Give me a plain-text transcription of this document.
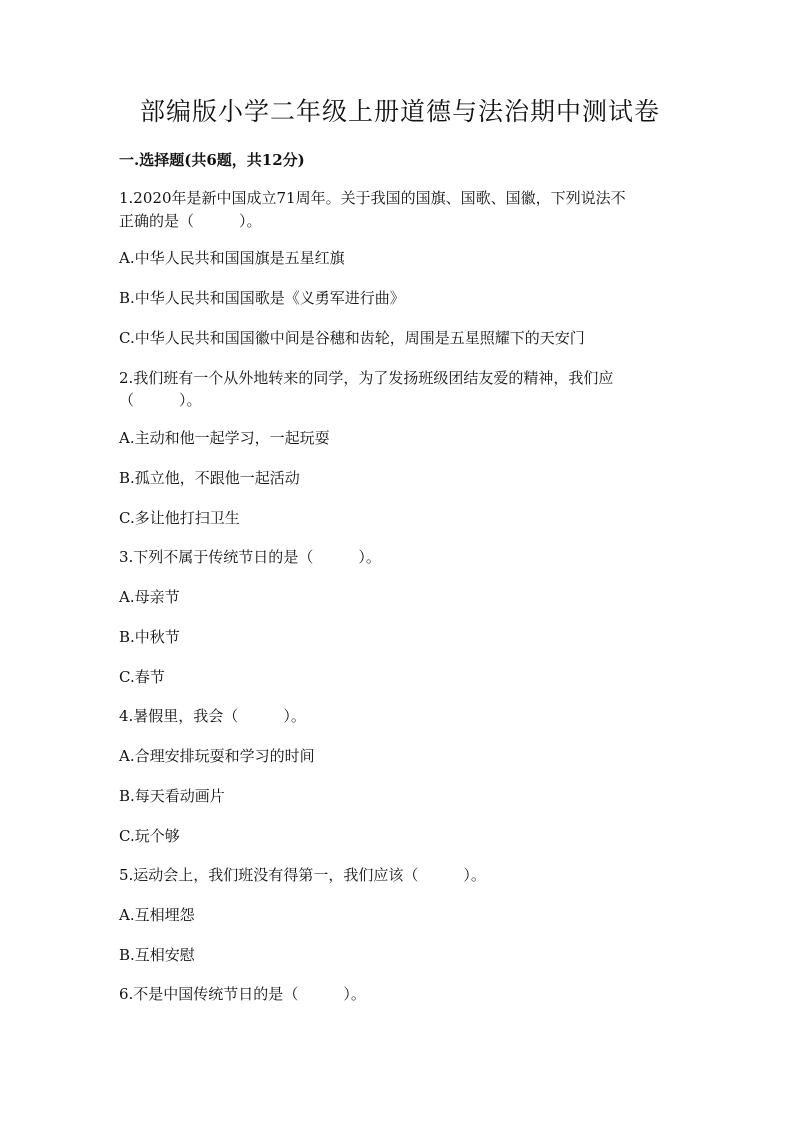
部编版小学二年级上册道德与法治期中测试卷

一.选择题(共6题，共12分)

1.2020年是新中国成立71周年。关于我国的国旗、国歌、国徽，下列说法不

正确的是（　　　）。

A.中华人民共和国国旗是五星红旗

B.中华人民共和国国歌是《义勇军进行曲》

C.中华人民共和国国徽中间是谷穗和齿轮，周围是五星照耀下的天安门

2.我们班有一个从外地转来的同学，为了发扬班级团结友爱的精神，我们应

（　　　）。

A.主动和他一起学习，一起玩耍

B.孤立他，不跟他一起活动

C.多让他打扫卫生

3.下列不属于传统节日的是（　　　）。

A.母亲节

B.中秋节

C.春节

4.暑假里，我会（　　　）。

A.合理安排玩耍和学习的时间

B.每天看动画片

C.玩个够

5.运动会上，我们班没有得第一，我们应该（　　　）。

A.互相埋怨

B.互相安慰

6.不是中国传统节日的是（　　　）。
